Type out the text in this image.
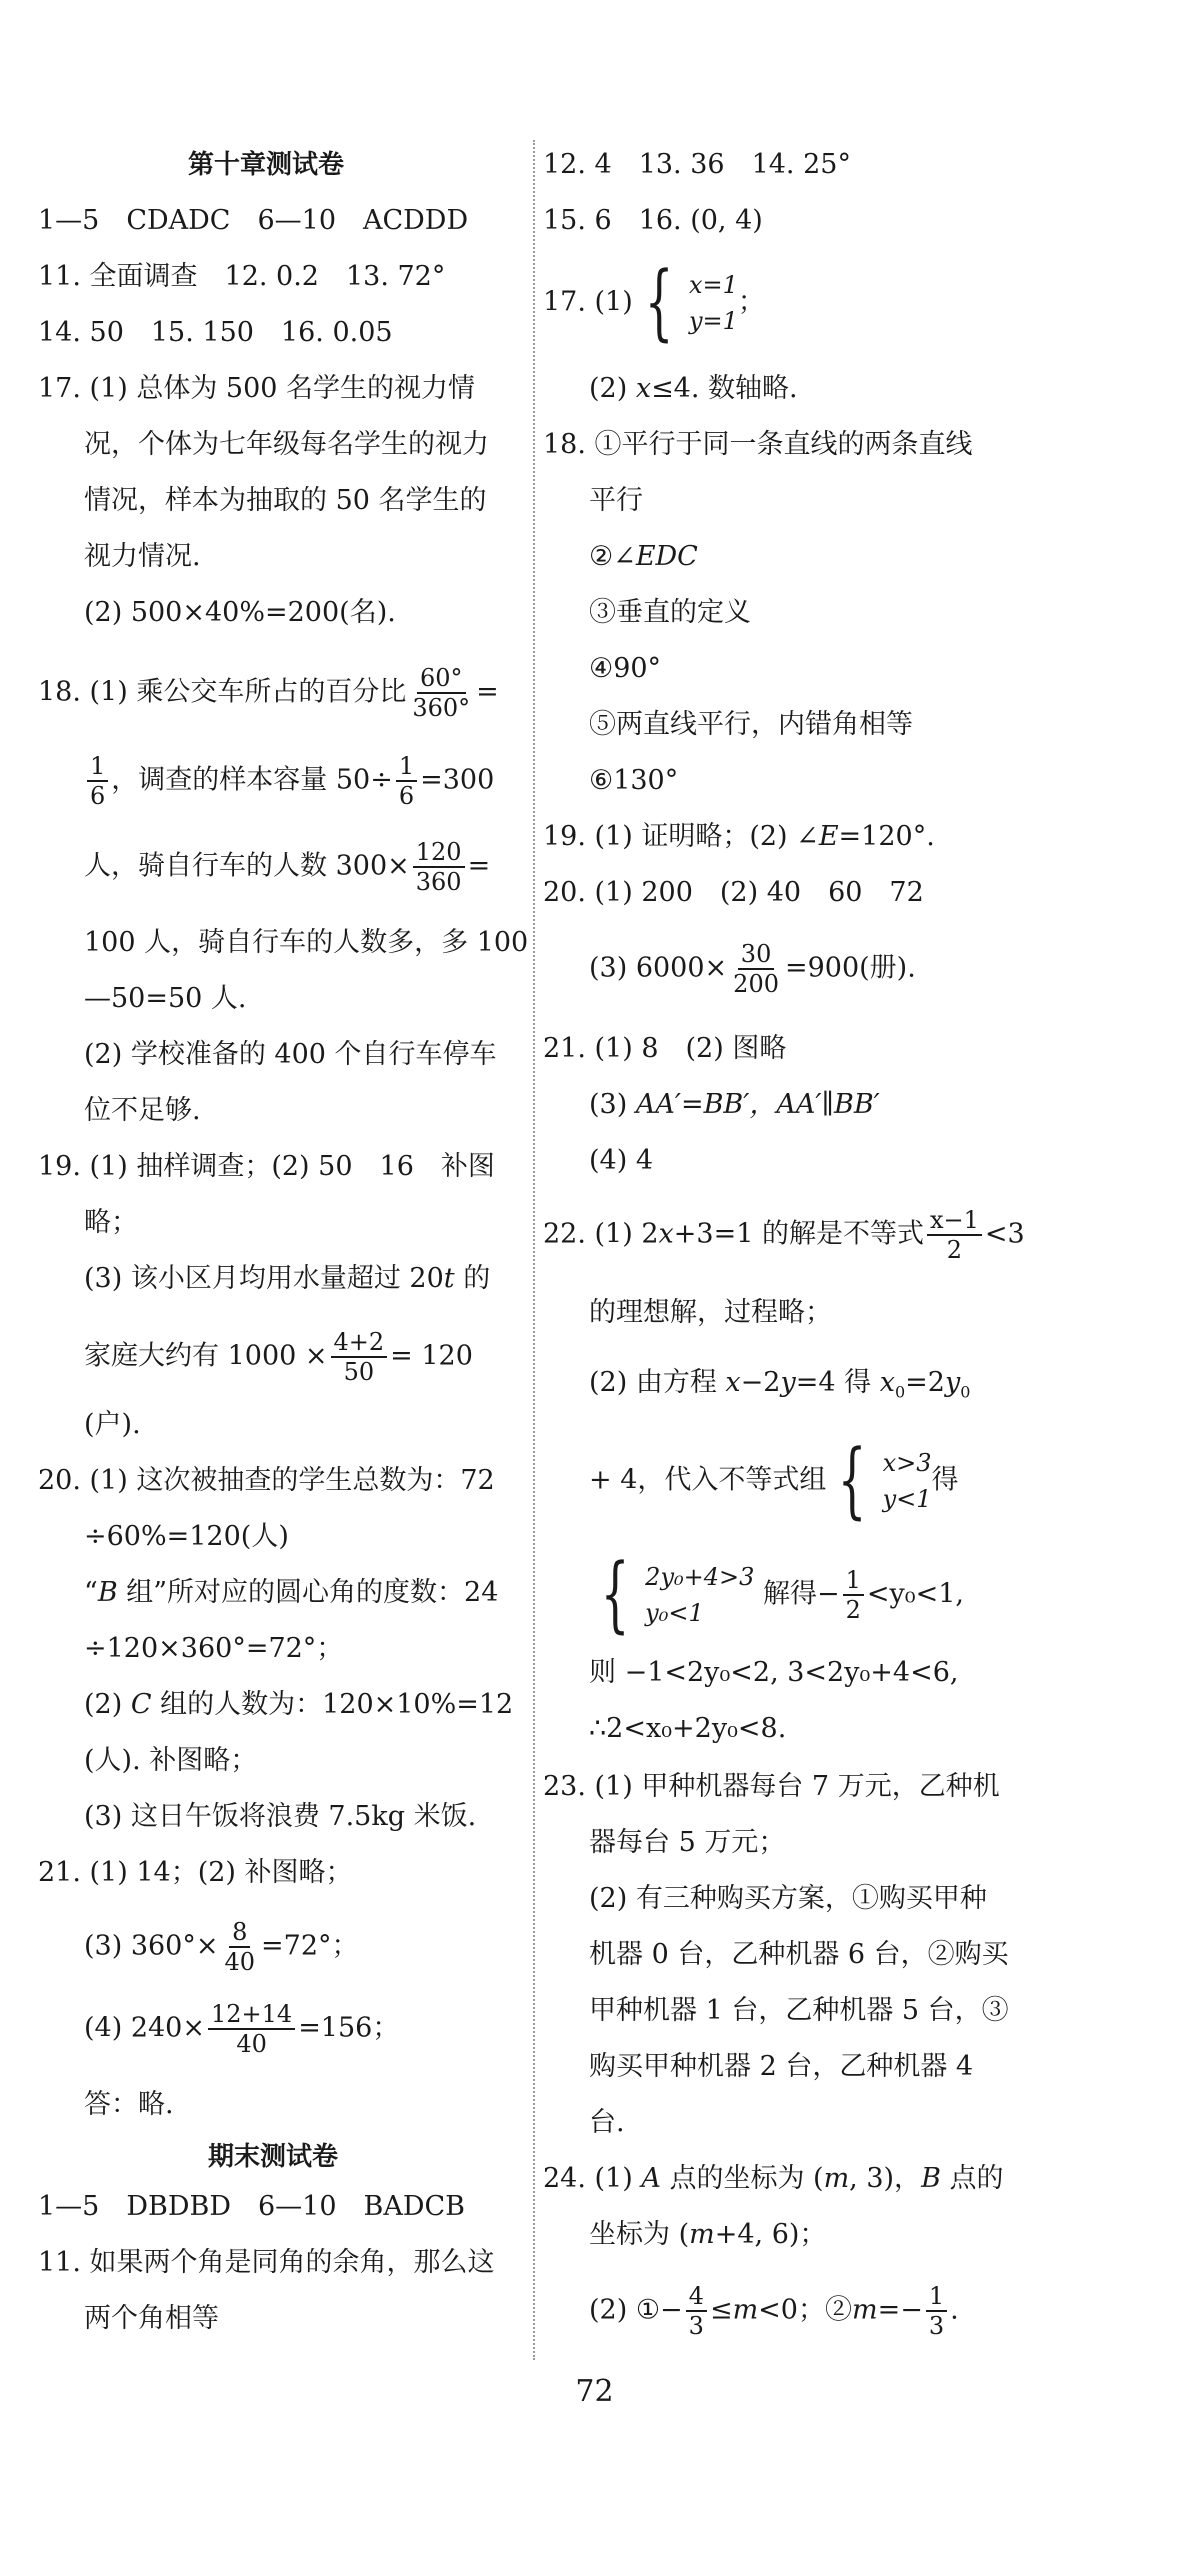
第十章测试卷
1—5　CDADC　6—10　ACDDD
11. 全面调查　12. 0.2　13. 72°
14. 50　15. 150　16. 0.05
17. (1) 总体为 500 名学生的视力情
况，个体为七年级每名学生的视力
情况，样本为抽取的 50 名学生的
视力情况.
(2) 500×40%=200(名).
18. (1) 乘公交车所占的百分比 $\frac{60^\circ}{360^\circ}$ =
$\frac{1}{6}$ ，调查的样本容量 $50\div \frac{1}{6} =300$
人，骑自行车的人数 $300\times \frac{120}{360}$ =
100 人，骑自行车的人数多，多 100
—50=50 人.
(2) 学校准备的 400 个自行车停车
位不足够.
19. (1) 抽样调查；(2) 50　16　补图
略；
(3) 该小区月均用水量超过 20t 的
家庭大约有 $1000 \times \frac{4+2}{50} = 120$
(户).
20. (1) 这次被抽查的学生总数为：72
÷60%=120(人)
“B 组”所对应的圆心角的度数：24
÷120×360°=72°；
(2) C 组的人数为：120×10%=12
(人). 补图略；
(3) 这日午饭将浪费 7.5kg 米饭.
21. (1) 14；(2) 补图略；
(3) $360^\circ\times \frac{8}{40} =72^\circ$；
(4) $240\times \frac{12+14}{40} =156$；
答：略.
期末测试卷
1—5　DBDBD　6—10　BADCB
11. 如果两个角是同角的余角，那么这
两个角相等
12. 4　13. 36　14. 25°
15. 6　16. (0, 4)
17. (1) { x=1
y=1
；
(2) x≤4. 数轴略.
18. ①平行于同一条直线的两条直线
平行
②∠EDC
③垂直的定义
④90°
⑤两直线平行，内错角相等
⑥130°
19. (1) 证明略；(2) ∠E=120°.
20. (1) 200　(2) 40　60　72
(3) $6000\times \frac{30}{200} =900$(册).
21. (1) 8　(2) 图略
(3) AA′=BB′，AA′∥BB′
(4) 4
22. (1) 2x+3=1 的解是不等式 $\frac{x-1}{2} <3$
的理想解，过程略；
(2) 由方程 x−2y=4 得 $x_0=2y_0$
+ 4，代入不等式组 { x>3
y<1
得
{ 2y₀+4>3
y₀<1
解得− $\frac{1}{2} <y_0<1$,
则 −1<2y₀<2, 3<2y₀+4<6,
∴2<x₀+2y₀<8.
23. (1) 甲种机器每台 7 万元，乙种机
器每台 5 万元；
(2) 有三种购买方案，①购买甲种
机器 0 台，乙种机器 6 台，②购买
甲种机器 1 台，乙种机器 5 台，③
购买甲种机器 2 台，乙种机器 4
台.
24. (1) A 点的坐标为 (m, 3)，B 点的
坐标为 (m+4, 6)；
(2) ①− $\frac{4}{3} \le m<0$；②m=− $\frac{1}{3}$ .
72
